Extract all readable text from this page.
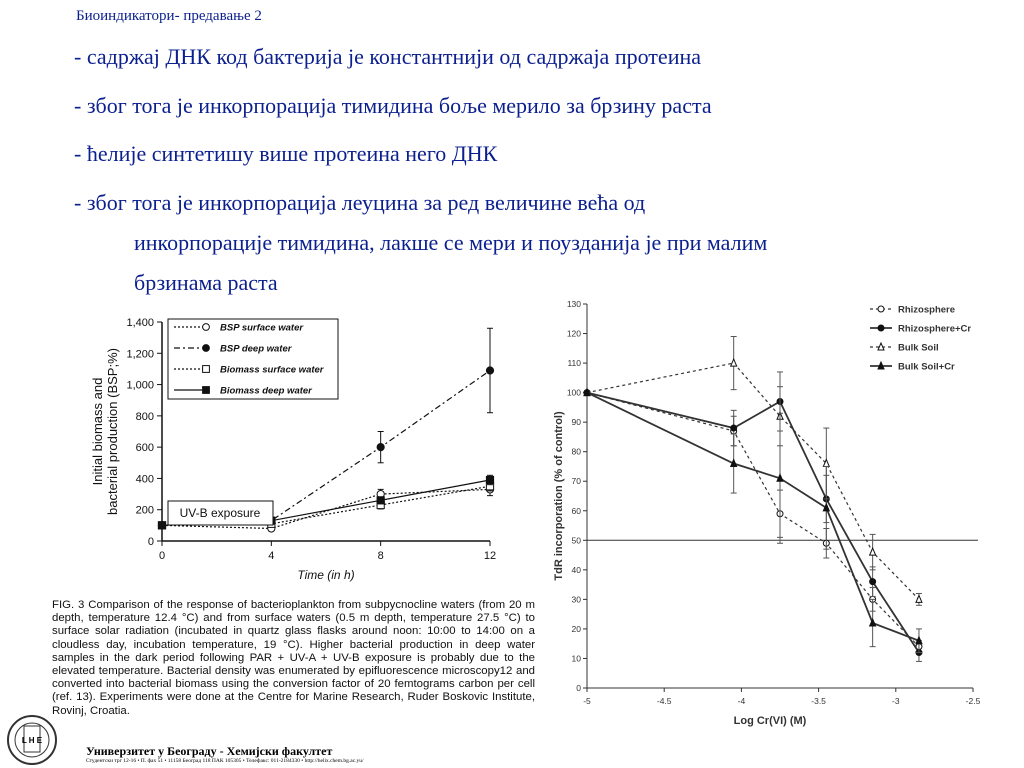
Биоиндикатори- предавање 2
- садржај ДНК код бактерија је константнији од садржаја протеина
- због тога је инкорпорација тимидина боље мерило за брзину раста
- ћелије синтетишу више протеина него ДНК
- због тога је инкорпорација леуцина за ред величине већа од
инкорпорације тимидина, лакше се мери и поузданија је при малим
брзинама раста
0
200
400
600
800
1,000
1,200
1,400
0	4	8	12
Time (in h)
Initial biomass andbacterial production (BSP;%)
BSP surface water
BSP deep water
Biomass surface water
Biomass deep water
UV-B exposure
0
10
20
30
40
50
60
70
80
90
100
110
120
130
-5	-4.5	-4	-3.5	-3	-2.5
Log Cr(VI) (M)
TdR incorporation (% of control)
Rhizosphere
Rhizosphere+Cr
Bulk Soil
Bulk Soil+Cr
FIG. 3 Comparison of the response of bacterioplankton from subpycnocline waters (from 20 m depth, temperature 12.4 °C) and from surface waters (0.5 m depth, temperature 27.5 °C) to surface solar radiation (incubated in quartz glass flasks around noon: 10:00 to 14:00 on a cloudless day, incubation temperature, 19 °C). Higher bacterial production in deep water samples in the dark period following PAR + UV-A + UV-B exposure is probably due to the elevated temperature. Bacterial density was enumerated by epifluorescence microscopy12 and converted into bacterial biomass using the conversion factor of 20 femtograms carbon per cell (ref. 13). Experiments were done at the Centre for Marine Research, Ruder Boskovic Institute, Rovinj, Croatia.
L H E
Универзитет у Београду - Хемијски факултет
Студентски трг 12-16 • П. фах 51 • 11158 Београд 118 ПАК 105305 • Телефакс: 011-2184330 • http://helix.chem.bg.ac.yu/
